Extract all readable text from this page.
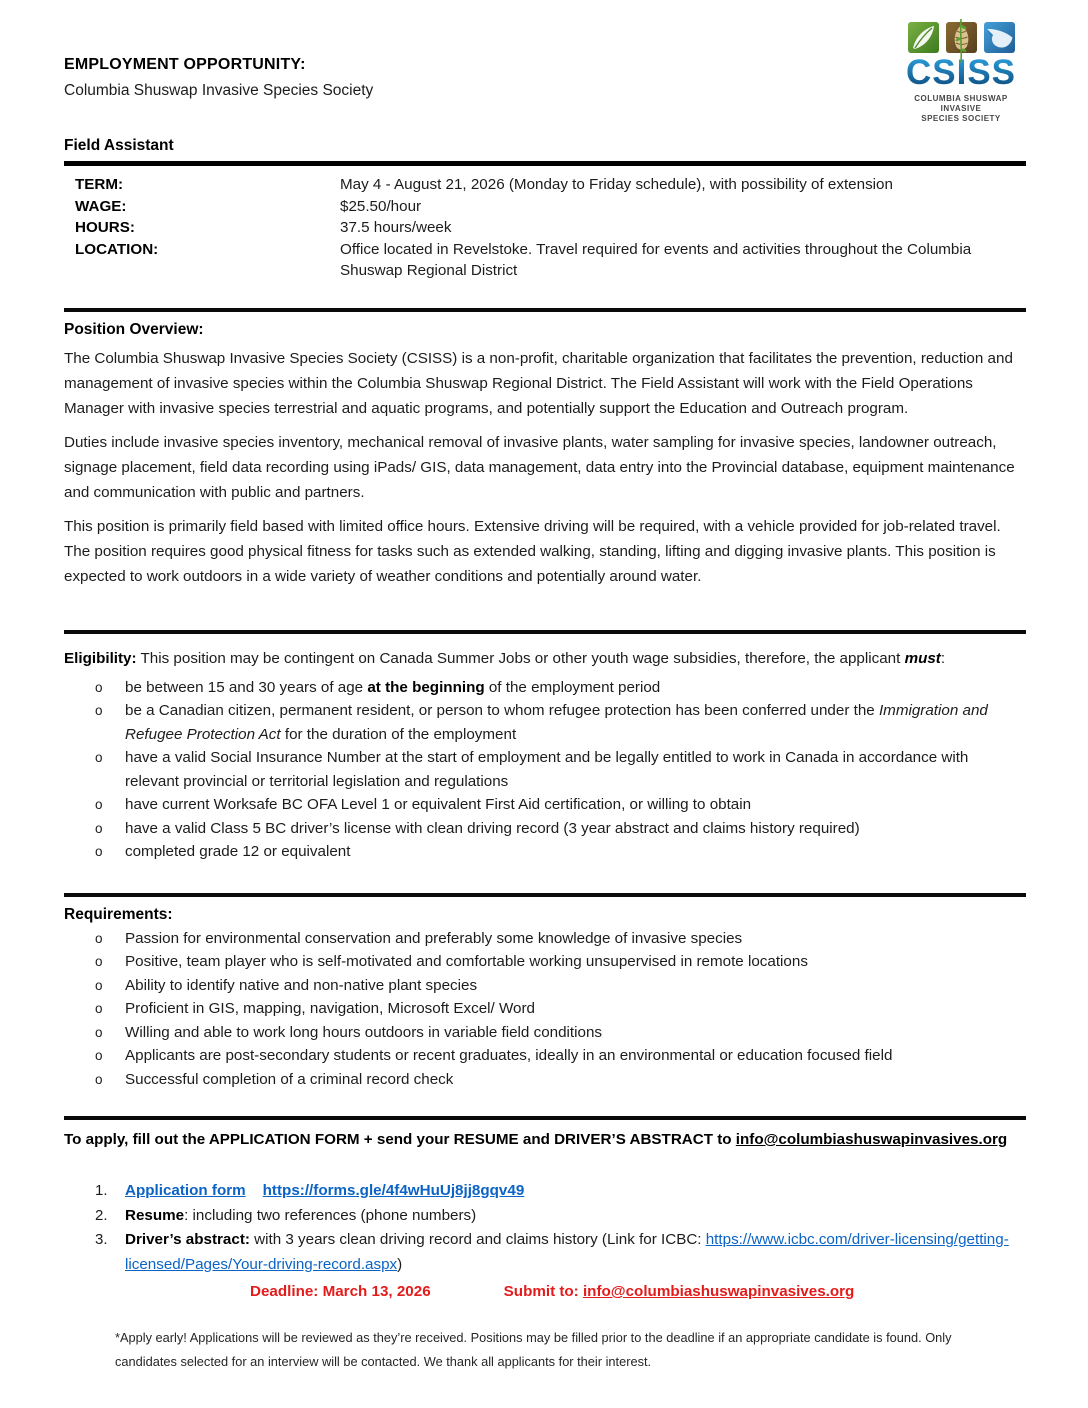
EMPLOYMENT OPPORTUNITY:
Columbia Shuswap Invasive Species Society	CSISS
COLUMBIA SHUSWAP INVASIVE
SPECIES SOCIETY
Field Assistant
TERM:	May 4 - August 21, 2026 (Monday to Friday schedule), with possibility of extension
WAGE:	$25.50/hour
HOURS:	37.5 hours/week
LOCATION:	Office located in Revelstoke. Travel required for events and activities throughout the Columbia Shuswap Regional District
Position Overview:

The Columbia Shuswap Invasive Species Society (CSISS) is a non-profit, charitable organization that facilitates the prevention, reduction and management of invasive species within the Columbia Shuswap Regional District. The Field Assistant will work with the Field Operations Manager with invasive species terrestrial and aquatic programs, and potentially support the Education and Outreach program.

Duties include invasive species inventory, mechanical removal of invasive plants, water sampling for invasive species, landowner outreach, signage placement, field data recording using iPads/ GIS, data management, data entry into the Provincial database, equipment maintenance and communication with public and partners.

This position is primarily field based with limited office hours. Extensive driving will be required, with a vehicle provided for job-related travel. The position requires good physical fitness for tasks such as extended walking, standing, lifting and digging invasive plants. This position is expected to work outdoors in a wide variety of weather conditions and potentially around water.

Eligibility: This position may be contingent on Canada Summer Jobs or other youth wage subsidies, therefore, the applicant must:
o	be between 15 and 30 years of age at the beginning of the employment period
o	be a Canadian citizen, permanent resident, or person to whom refugee protection has been conferred under the Immigration and Refugee Protection Act for the duration of the employment
o	have a valid Social Insurance Number at the start of employment and be legally entitled to work in Canada in accordance with relevant provincial or territorial legislation and regulations
o	have current Worksafe BC OFA Level 1 or equivalent First Aid certification, or willing to obtain
o	have a valid Class 5 BC driver’s license with clean driving record (3 year abstract and claims history required)
o	completed grade 12 or equivalent
Requirements:
o	Passion for environmental conservation and preferably some knowledge of invasive species
o	Positive, team player who is self-motivated and comfortable working unsupervised in remote locations
o	Ability to identify native and non-native plant species
o	Proficient in GIS, mapping, navigation, Microsoft Excel/ Word
o	Willing and able to work long hours outdoors in variable field conditions
o	Applicants are post-secondary students or recent graduates, ideally in an environmental or education focused field
o	Successful completion of a criminal record check
To apply, fill out the APPLICATION FORM + send your RESUME and DRIVER’S ABSTRACT to info@columbiashuswapinvasives.org
1.	Application form https://forms.gle/4f4wHuUj8jj8gqv49
2.	Resume: including two references (phone numbers)
3.	Driver’s abstract: with 3 years clean driving record and claims history (Link for ICBC: https://www.icbc.com/driver-licensing/getting-licensed/Pages/Your-driving-record.aspx)
Deadline: March 13, 2026	Submit to: info@columbiashuswapinvasives.org
*Apply early! Applications will be reviewed as they’re received. Positions may be filled prior to the deadline if an appropriate candidate is found. Only candidates selected for an interview will be contacted. We thank all applicants for their interest.
